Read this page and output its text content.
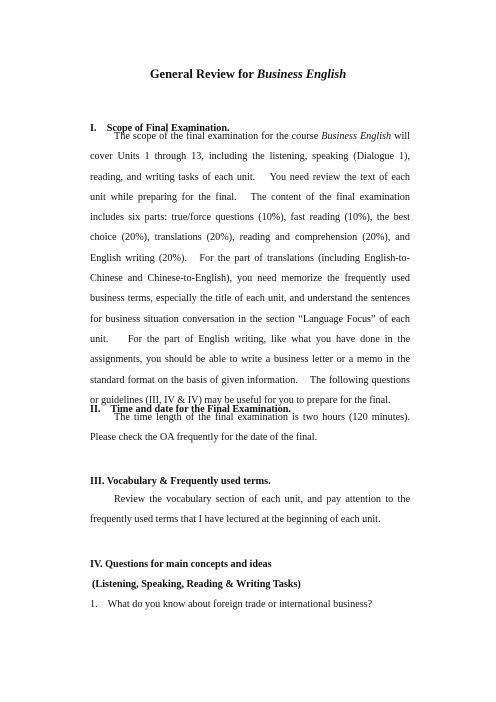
General Review for Business English
I.    Scope of Final Examination.

The scope of the final examination for the course Business English will cover Units 1 through 13, including the listening, speaking (Dialogue 1), reading, and writing tasks of each unit.    You need review the text of each unit while preparing for the final.   The content of the final examination includes six parts: true/force questions (10%), fast reading (10%), the best choice (20%), translations (20%), reading and comprehension (20%), and English writing (20%).   For the part of translations (including English-to-Chinese and Chinese-to-English), you need memorize the frequently used business terms, especially the title of each unit, and understand the sentences for business situation conversation in the section “Language Focus” of each unit.    For the part of English writing, like what you have done in the assignments, you should be able to write a business letter or a memo in the standard format on the basis of given information.    The following questions or guidelines (III, IV & IV) may be useful for you to prepare for the final.

II.    Time and date for the Final Examination.

The time length of the final examination is two hours (120 minutes).   Please check the OA frequently for the date of the final.

III. Vocabulary & Frequently used terms.

Review the vocabulary section of each unit, and pay attention to the frequently used terms that I have lectured at the beginning of each unit.

IV. Questions for main concepts and ideas
(Listening, Speaking, Reading & Writing Tasks)
1.    What do you know about foreign trade or international business?
